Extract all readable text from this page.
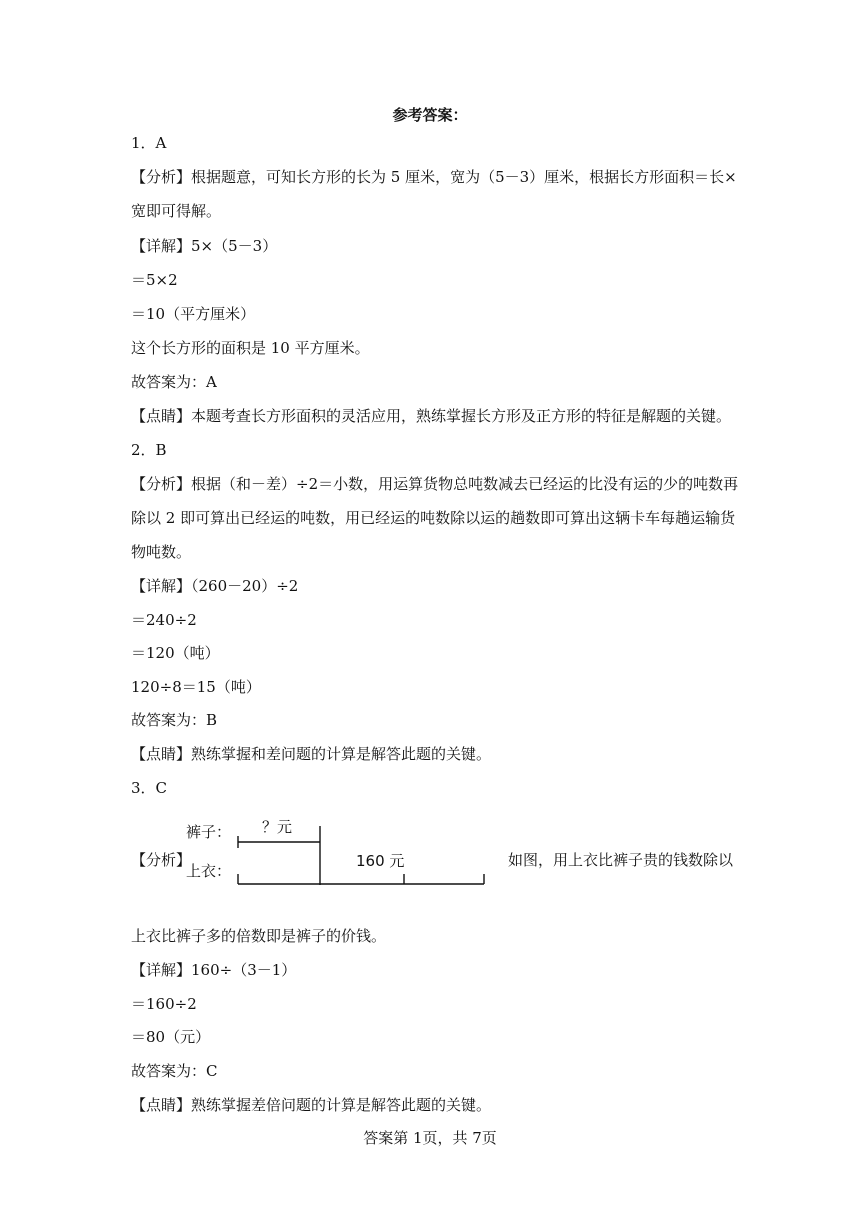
参考答案：
1．A
【分析】根据题意，可知长方形的长为 5 厘米，宽为（5－3）厘米，根据长方形面积＝长×
宽即可得解。
【详解】5×（5－3）
＝5×2
＝10（平方厘米）
这个长方形的面积是 10 平方厘米。
故答案为：A
【点睛】本题考查长方形面积的灵活应用，熟练掌握长方形及正方形的特征是解题的关键。
2．B
【分析】根据（和－差）÷2＝小数，用运算货物总吨数减去已经运的比没有运的少的吨数再
除以 2 即可算出已经运的吨数，用已经运的吨数除以运的趟数即可算出这辆卡车每趟运输货
物吨数。
【详解】（260－20）÷2
＝240÷2
＝120（吨）
120÷8＝15（吨）
故答案为：B
【点睛】熟练掌握和差问题的计算是解答此题的关键。
3．C
【分析】
裤子： ？元
上衣：
160 元	如图，用上衣比裤子贵的钱数除以
上衣比裤子多的倍数即是裤子的价钱。
【详解】160÷（3－1）
＝160÷2
＝80（元）
故答案为：C
【点睛】熟练掌握差倍问题的计算是解答此题的关键。
答案第 1页，共 7页
